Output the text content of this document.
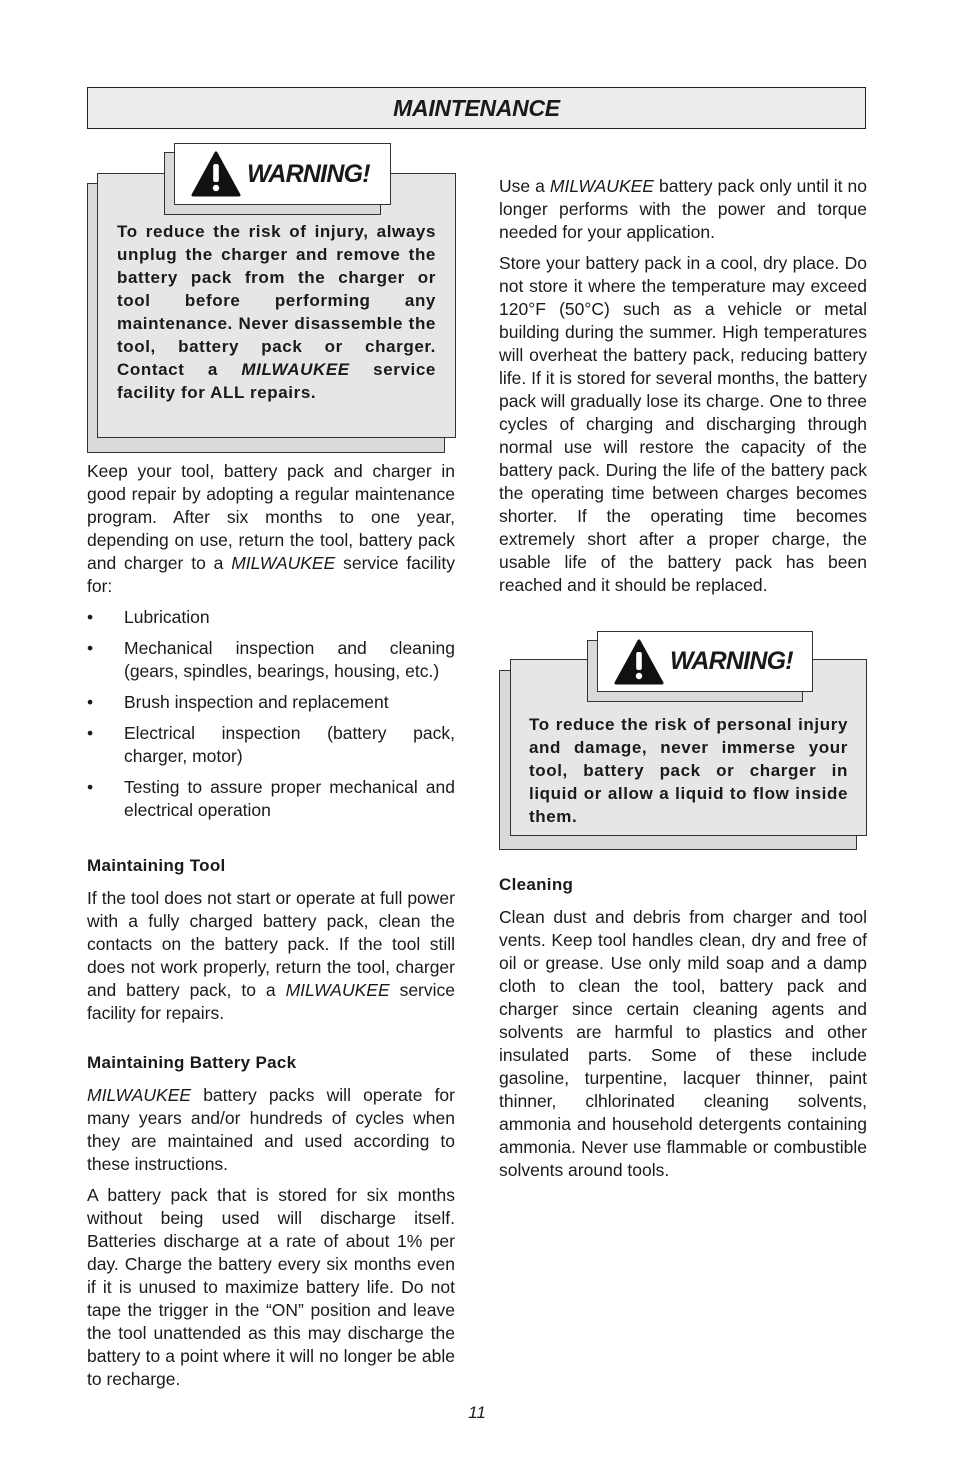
MAINTENANCE
WARNING!
To reduce the risk of injury, always unplug the charger and remove the battery pack from the charger or tool before performing any maintenance. Never disassemble the tool, battery pack or charger. Contact a MILWAUKEE service facility for ALL repairs.

Keep your tool, battery pack and charger in good repair by adopting a regular maintenance program. After six months to one year, depending on use, return the tool, battery pack and charger to a MILWAUKEE service facility for:

• Lubrication
• Mechanical inspection and cleaning (gears, spindles, bearings, housing, etc.)
• Brush inspection and replacement
• Electrical inspection (battery pack, charger, motor)
• Testing to assure proper mechanical and electrical operation
Maintaining Tool

If the tool does not start or operate at full power with a fully charged battery pack, clean the contacts on the battery pack. If the tool still does not work properly, return the tool, charger and battery pack, to a MILWAUKEE service facility for repairs.

Maintaining Battery Pack

MILWAUKEE battery packs will operate for many years and/or hundreds of cycles when they are maintained and used according to these instructions.

A battery pack that is stored for six months without being used will discharge itself. Batteries discharge at a rate of about 1% per day. Charge the battery every six months even if it is unused to maximize battery life. Do not tape the trigger in the “ON” position and leave the tool unattended as this may discharge the battery to a point where it will no longer be able to recharge.

Use a MILWAUKEE battery pack only until it no longer performs with the power and torque needed for your application.

Store your battery pack in a cool, dry place. Do not store it where the temperature may exceed 120°F (50°C) such as a vehicle or metal building during the summer. High temperatures will overheat the battery pack, reducing battery life. If it is stored for several months, the battery pack will gradually lose its charge. One to three cycles of charging and discharging through normal use will restore the capacity of the battery pack. During the life of the battery pack the operating time between charges becomes shorter. If the operating time becomes extremely short after a proper charge, the usable life of the battery pack has been reached and it should be replaced.

WARNING!
To reduce the risk of personal injury and damage, never immerse your tool, battery pack or charger in liquid or allow a liquid to flow inside them.
Cleaning

Clean dust and debris from charger and tool vents. Keep tool handles clean, dry and free of oil or grease. Use only mild soap and a damp cloth to clean the tool, battery pack and charger since certain cleaning agents and solvents are harmful to plastics and other insulated parts. Some of these include gasoline, turpentine, lacquer thinner, paint thinner, clhlorinated cleaning solvents, ammonia and household detergents containing ammonia. Never use flammable or combustible solvents around tools.

11
